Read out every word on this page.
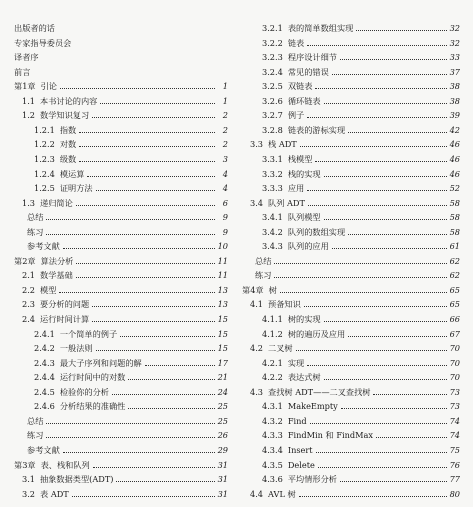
出版者的话
专家指导委员会
译者序
前言
第1章 引论	1
1.1 本书讨论的内容	1
1.2 数学知识复习	2
1.2.1 指数	2
1.2.2 对数	2
1.2.3 级数	3
1.2.4 模运算	4
1.2.5 证明方法	4
1.3 递归简论	6
总结	9
练习	9
参考文献	10
第2章 算法分析	11
2.1 数学基础	11
2.2 模型	13
2.3 要分析的问题	13
2.4 运行时间计算	15
2.4.1 一个简单的例子	15
2.4.2 一般法则	15
2.4.3 最大子序列和问题的解	17
2.4.4 运行时间中的对数	21
2.4.5 检验你的分析	24
2.4.6 分析结果的准确性	25
总结	25
练习	26
参考文献	29
第3章 表、栈和队列	31
3.1 抽象数据类型(ADT)	31
3.2 表 ADT	31
3.2.1 表的简单数组实现	32
3.2.2 链表	32
3.2.3 程序设计细节	33
3.2.4 常见的错误	37
3.2.5 双链表	38
3.2.6 循环链表	38
3.2.7 例子	39
3.2.8 链表的游标实现	42
3.3 栈 ADT	46
3.3.1 栈模型	46
3.3.2 栈的实现	46
3.3.3 应用	52
3.4 队列 ADT	58
3.4.1 队列模型	58
3.4.2 队列的数组实现	58
3.4.3 队列的应用	61
总结	62
练习	62
第4章 树	65
4.1 预备知识	65
4.1.1 树的实现	66
4.1.2 树的遍历及应用	67
4.2 二叉树	70
4.2.1 实现	70
4.2.2 表达式树	70
4.3 查找树 ADT——二叉查找树	73
4.3.1 MakeEmpty	73
4.3.2 Find	74
4.3.3 FindMin 和 FindMax	74
4.3.4 Insert	75
4.3.5 Delete	76
4.3.6 平均情形分析	77
4.4 AVL 树	80
